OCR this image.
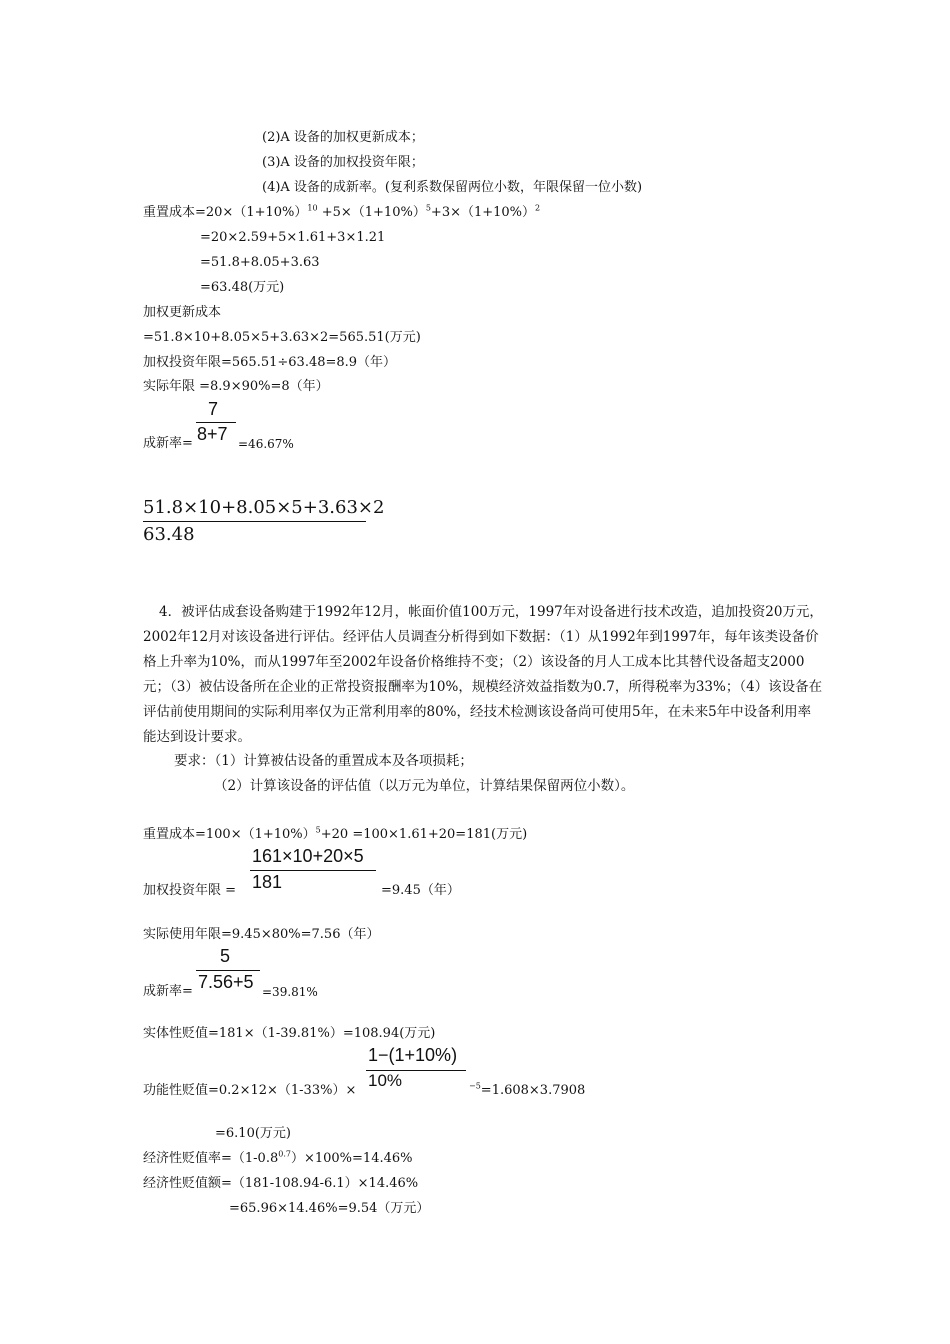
(2)A 设备的加权更新成本；
(3)A 设备的加权投资年限；
(4)A 设备的成新率。(复利系数保留两位小数，年限保留一位小数)
重置成本$=20\times(1+10\%)^{10} +5\times(1+10\%)^5+3\times(1+10\%)^2$
=20×2.59+5×1.61+3×1.21
=51.8+8.05+3.63
=63.48(万元)
加权更新成本
=51.8×10+8.05×5+3.63×2=565.51(万元)
加权投资年限=565.51÷63.48=8.9（年）
实际年限 =8.9×90%=8（年）
成新率=
7
8+7 =46.67%
51.8×10+8.05×5+3.63×2
63.48
4．被评估成套设备购建于1992年12月，帐面价值100万元，1997年对设备进行技术改造，追加投资20万元，2002年12月对该设备进行评估。经评估人员调查分析得到如下数据：（1）从1992年到1997年，每年该类设备价格上升率为10%，而从1997年至2002年设备价格维持不变；（2）该设备的月人工成本比其替代设备超支2000元；（3）被估设备所在企业的正常投资报酬率为10%，规模经济效益指数为0.7，所得税率为33%；（4）该设备在评估前使用期间的实际利用率仅为正常利用率的80%，经技术检测该设备尚可使用5年，在未来5年中设备利用率能达到设计要求。
要求：（1）计算被估设备的重置成本及各项损耗；
（2）计算该设备的评估值（以万元为单位，计算结果保留两位小数）。
重置成本$=100\times(1+10\%)^5+20 =100\times 1.61+20=181$(万元)
加权投资年限 =
161×10+20×5
181	=9.45（年）
实际使用年限=9.45×80%=7.56（年）
成新率=
5
7.56+5 =39.81%
实体性贬值=181×（1-39.81%）=108.94(万元)
功能性贬值=0.2×12×（1-33%）×
1−(1+10%)
10%	$^{-5}$=1.608×3.7908
=6.10(万元)
经济性贬值率$=(1-0.8^{0.7})\times 100\%=14.46\%$
经济性贬值额=（181-108.94-6.1）×14.46%
=65.96×14.46%=9.54（万元）
